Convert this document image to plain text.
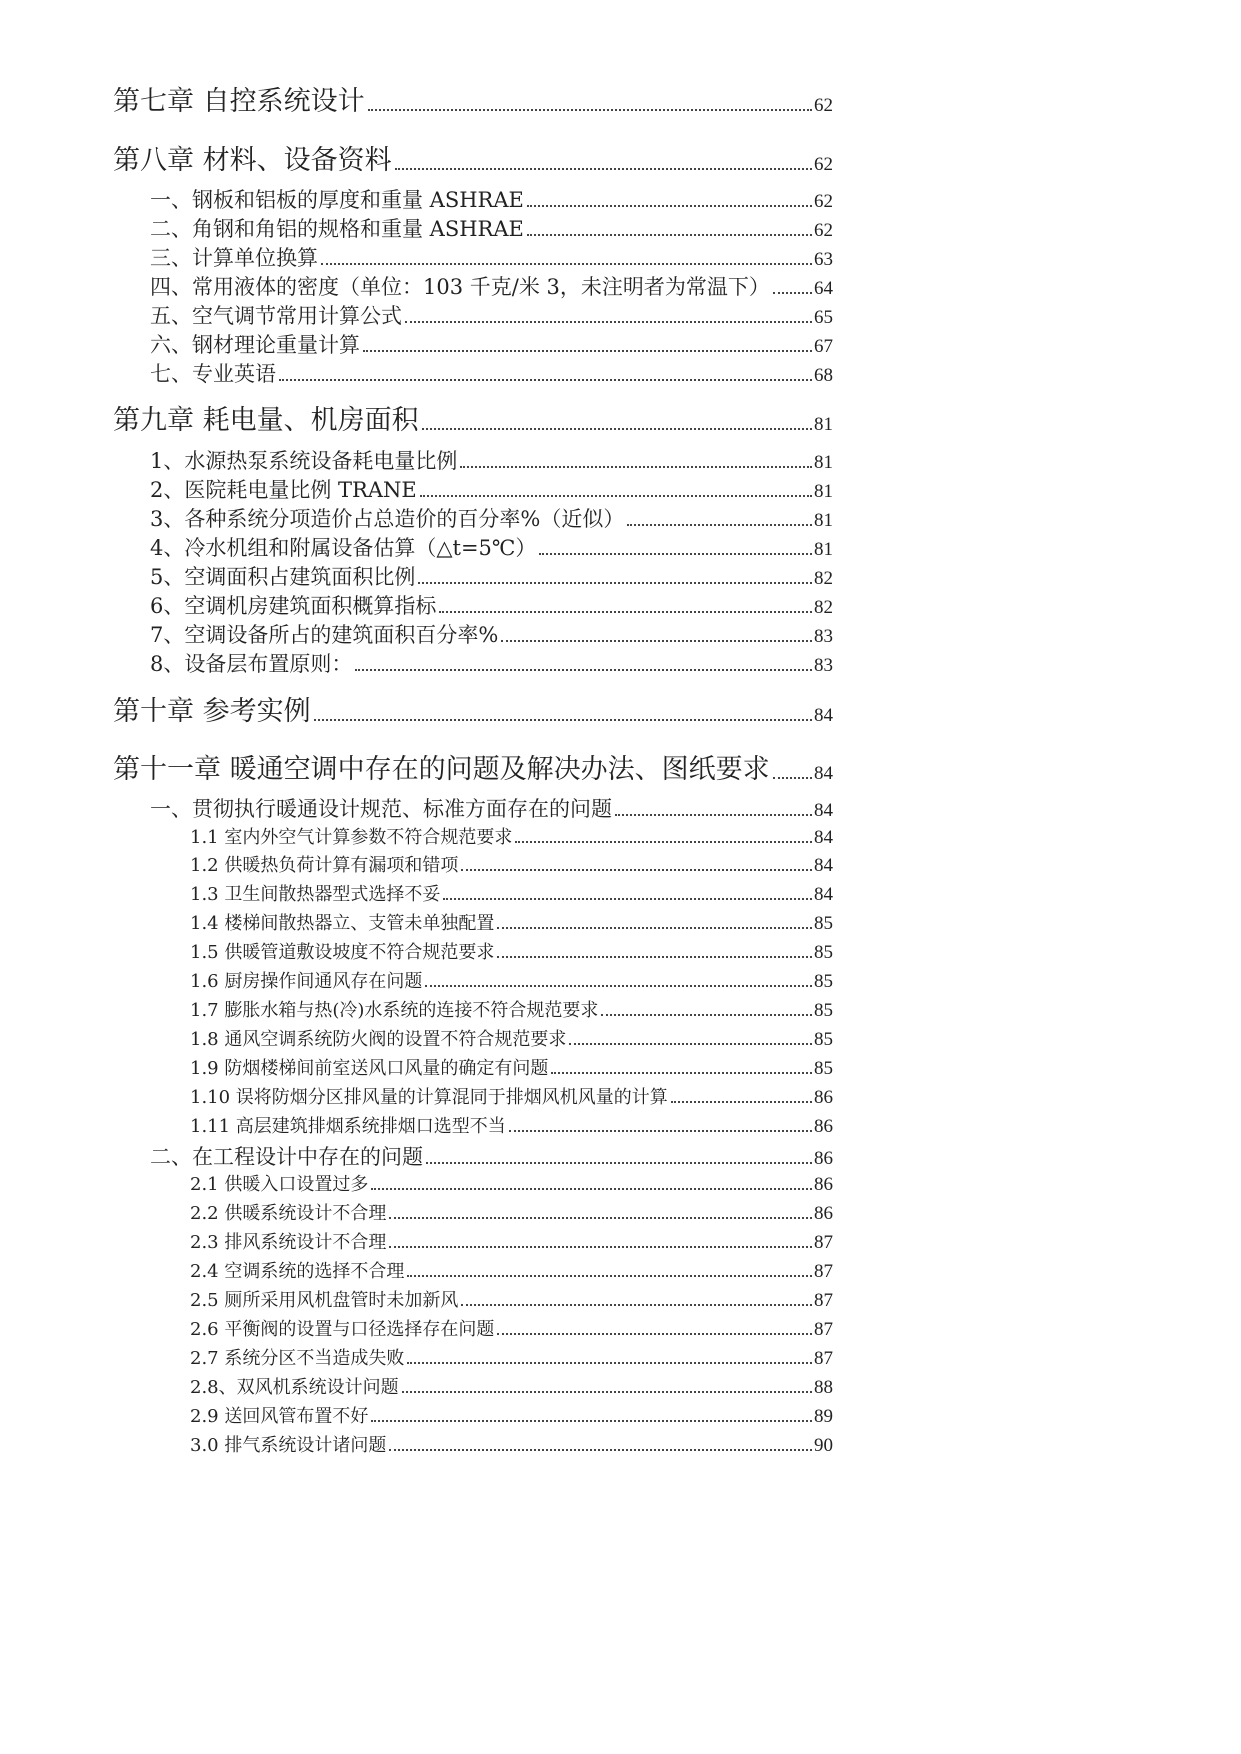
第七章 自控系统设计	62
第八章 材料、设备资料	62
一、钢板和铝板的厚度和重量 ASHRAE	62
二、角钢和角铝的规格和重量 ASHRAE	62
三、计算单位换算	63
四、常用液体的密度（单位：103 千克/米 3，未注明者为常温下） 64
五、空气调节常用计算公式	65
六、钢材理论重量计算	67
七、专业英语	68
第九章 耗电量、机房面积	81
1、水源热泵系统设备耗电量比例	81
2、医院耗电量比例 TRANE	81
3、各种系统分项造价占总造价的百分率%（近似）	81
4、冷水机组和附属设备估算（△t=5℃）	81
5、空调面积占建筑面积比例	82
6、空调机房建筑面积概算指标	82
7、空调设备所占的建筑面积百分率%	83
8、设备层布置原则：	83
第十章 参考实例	84
第十一章 暖通空调中存在的问题及解决办法、图纸要求 84
一、贯彻执行暖通设计规范、标准方面存在的问题	84
1.1 室内外空气计算参数不符合规范要求	84
1.2 供暖热负荷计算有漏项和错项	84
1.3 卫生间散热器型式选择不妥	84
1.4 楼梯间散热器立、支管未单独配置	85
1.5 供暖管道敷设坡度不符合规范要求	85
1.6 厨房操作间通风存在问题	85
1.7 膨胀水箱与热(冷)水系统的连接不符合规范要求	85
1.8 通风空调系统防火阀的设置不符合规范要求	85
1.9 防烟楼梯间前室送风口风量的确定有问题	85
1.10 误将防烟分区排风量的计算混同于排烟风机风量的计算	86
1.11 高层建筑排烟系统排烟口选型不当	86
二、在工程设计中存在的问题	86
2.1 供暖入口设置过多	86
2.2 供暖系统设计不合理	86
2.3 排风系统设计不合理	87
2.4 空调系统的选择不合理	87
2.5 厕所采用风机盘管时未加新风	87
2.6 平衡阀的设置与口径选择存在问题	87
2.7 系统分区不当造成失败	87
2.8、双风机系统设计问题	88
2.9 送回风管布置不好	89
3.0 排气系统设计诸问题	90
